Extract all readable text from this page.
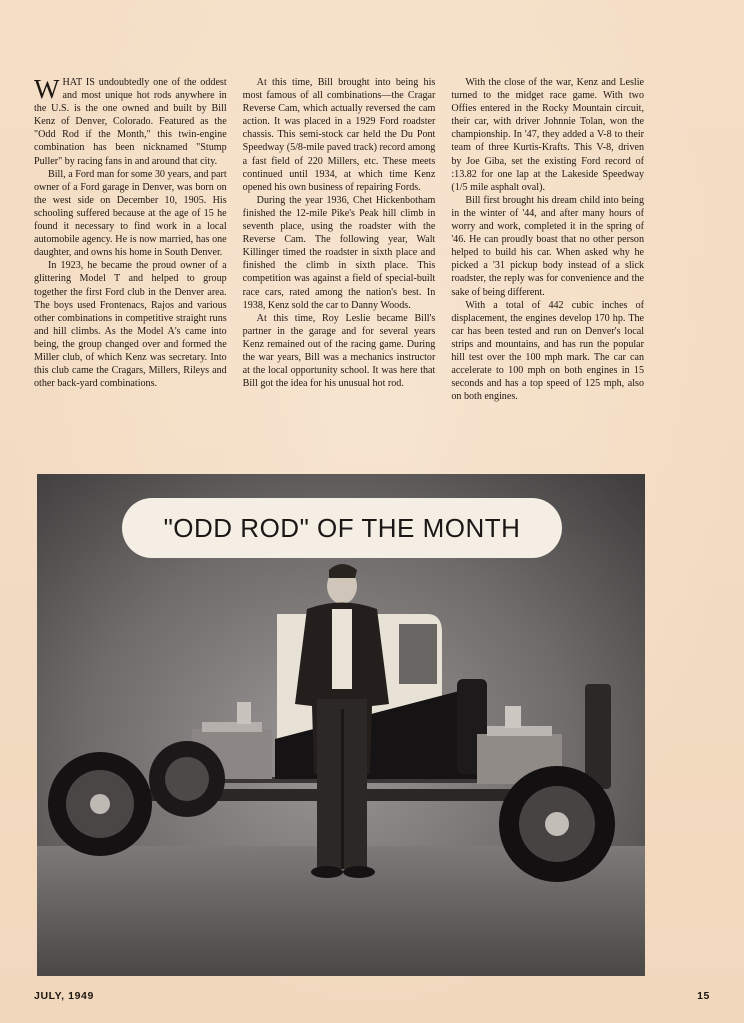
WHAT IS undoubtedly one of the oddest and most unique hot rods anywhere in the U.S. is the one owned and built by Bill Kenz of Denver, Colorado. Featured as the "Odd Rod if the Month," this twin-engine combination has been nicknamed "Stump Puller" by racing fans in and around that city.

Bill, a Ford man for some 30 years, and part owner of a Ford garage in Denver, was born on the west side on December 10, 1905. His schooling suffered because at the age of 15 he found it necessary to find work in a local automobile agency. He is now married, has one daughter, and owns his home in South Denver.

In 1923, he became the proud owner of a glittering Model T and helped to group together the first Ford club in the Denver area. The boys used Frontenacs, Rajos and various other combinations in competitive straight runs and hill climbs. As the Model A's came into being, the group changed over and formed the Miller club, of which Kenz was secretary. Into this club came the Cragars, Millers, Rileys and other back-yard combinations.

At this time, Bill brought into being his most famous of all combinations—the Cragar Reverse Cam, which actually reversed the cam action. It was placed in a 1929 Ford roadster chassis. This semi-stock car held the Du Pont Speedway (5/8-mile paved track) record among a fast field of 220 Millers, etc. These meets continued until 1934, at which time Kenz opened his own business of repairing Fords.

During the year 1936, Chet Hickenbotham finished the 12-mile Pike's Peak hill climb in seventh place, using the roadster with the Reverse Cam. The following year, Walt Killinger timed the roadster in sixth place and finished the climb in sixth place. This competition was against a field of special-built race cars, rated among the nation's best. In 1938, Kenz sold the car to Danny Woods.

At this time, Roy Leslie became Bill's partner in the garage and for several years Kenz remained out of the racing game. During the war years, Bill was a mechanics instructor at the local opportunity school. It was here that Bill got the idea for his unusual hot rod.

With the close of the war, Kenz and Leslie turned to the midget race game. With two Offies entered in the Rocky Mountain circuit, their car, with driver Johnnie Tolan, won the championship. In '47, they added a V-8 to their team of three Kurtis-Krafts. This V-8, driven by Joe Giba, set the existing Ford record of :13.82 for one lap at the Lakeside Speedway (1/5 mile asphalt oval).

Bill first brought his dream child into being in the winter of '44, and after many hours of worry and work, completed it in the spring of '46. He can proudly boast that no other person helped to build his car. When asked why he picked a '31 pickup body instead of a slick roadster, the reply was for convenience and the sake of being different.

With a total of 442 cubic inches of displacement, the engines develop 170 hp. The car has been tested and run on Denver's local strips and mountains, and has run the popular hill test over the 100 mph mark. The car can accelerate to 100 mph on both engines in 15 seconds and has a top speed of 125 mph, also on both engines.

"ODD ROD" OF THE MONTH
JULY, 1949	15
